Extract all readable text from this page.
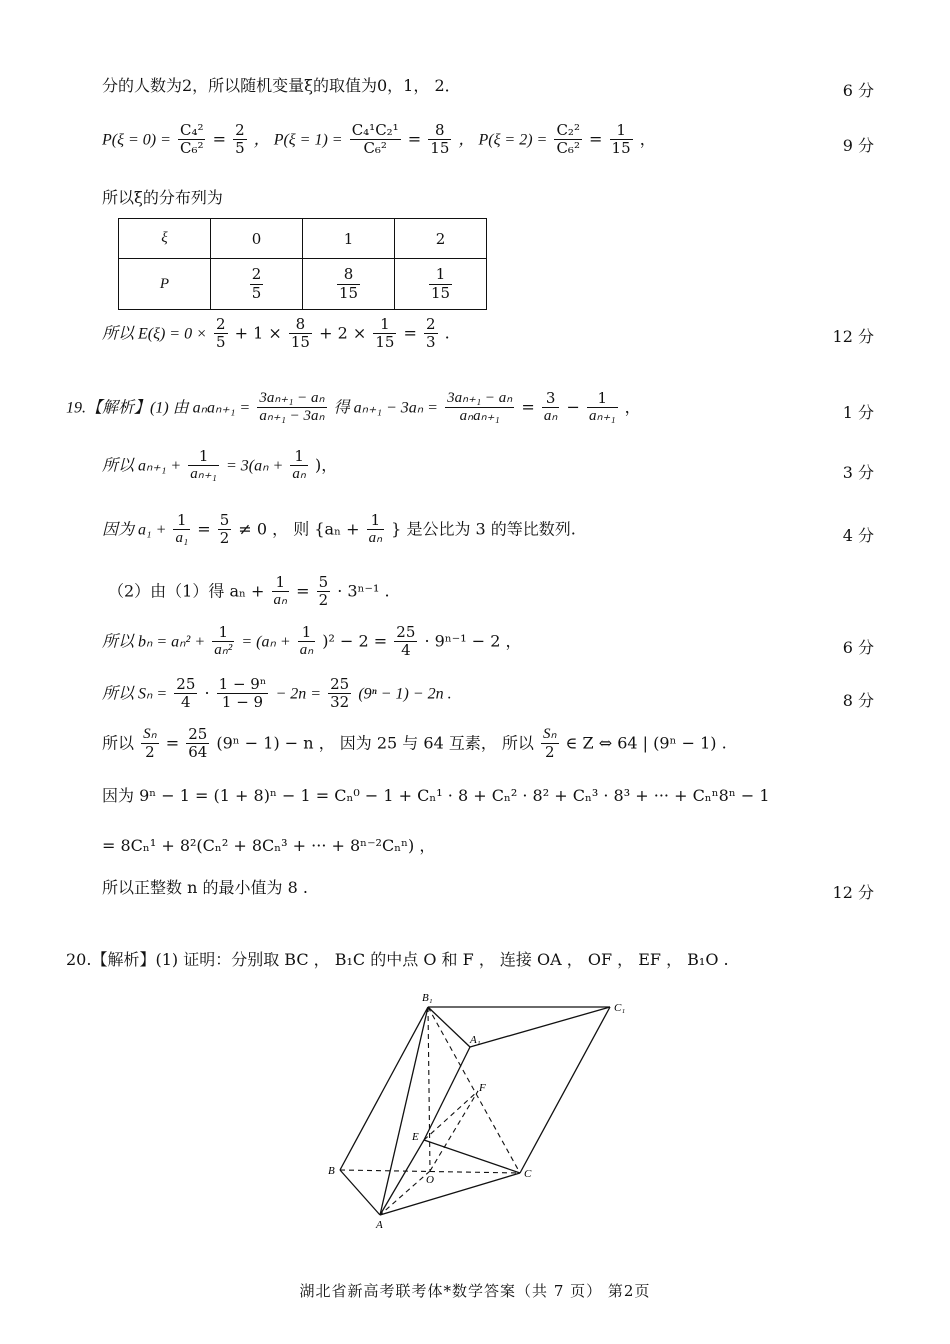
分的人数为2，所以随机变量ξ的取值为0，1， 2．	6 分
$P(\xi = 0) = \frac{\text{C₄²}}{\text{C₆²}} = \frac{2}{5}$ ， $P(\xi = 1) = \frac{\text{C₄¹C₂¹}}{\text{C₆²}} = \frac{8}{15}$ ， $P(\xi = 2) = \frac{\text{C₂²}}{\text{C₆²}} = \frac{1}{15}$ ，	9 分
所以ξ的分布列为
ξ	0	1	2
P	$\frac{2}{5}$	$\frac{8}{15}$	$\frac{1}{15}$
所以 $E(\xi) = 0 \times \frac{2}{5} + 1 \times \frac{8}{15} + 2 \times \frac{1}{15} = \frac{2}{3}$ .	12 分
19.【解析】(1) 由 $a_na_{n+1} = \frac{\text{3aₙ₊₁ − aₙ}}{\text{aₙ₊₁ − 3aₙ}}$ 得 $a_{n+1} - 3a_n = \frac{\text{3aₙ₊₁ − aₙ}}{\text{aₙaₙ₊₁}} = \frac{3}{\text{aₙ}} - \frac{1}{\text{aₙ₊₁}}$ ，	1 分
所以 $a_{n+1} + \frac{1}{\text{aₙ₊₁}} = 3(a_n + \frac{1}{\text{aₙ}}$ )，	3 分
因为 $a_1 + \frac{1}{\text{a₁}} = \frac{5}{2} \ne 0$ ， 则 {$a_n + \frac{1}{\text{aₙ}}$ } 是公比为 3 的等比数列.	4 分
（2）由（1）得 $a_n + \frac{1}{\text{aₙ}} = \frac{5}{2} \cdot 3^{n-1}$ .
所以 $b_n = a_n^2 + \frac{1}{\text{aₙ²}} = (a_n + \frac{1}{\text{aₙ}} )^2 - 2 = \frac{25}{4} \cdot 9^{n-1} - 2$ ，	6 分
所以 $S_n = \frac{25}{4} \cdot \frac{\text{1 − 9ⁿ}}{1 - 9} - 2n = \frac{25}{32} (9^n - 1) - 2n$ .	8 分
所以 $\frac{\text{Sₙ}}{2} = \frac{25}{64} (9^n - 1) - n$ ， 因为 25 与 64 互素， 所以 $\frac{\text{Sₙ}}{2}$ ∈ Z ⇔ 64 | (9ⁿ − 1) .
因为 9ⁿ − 1 = (1 + 8)ⁿ − 1 = Cₙ⁰ − 1 + Cₙ¹ · 8 + Cₙ² · 8² + Cₙ³ · 8³ + ··· + Cₙⁿ8ⁿ − 1
= 8Cₙ¹ + 8²(Cₙ² + 8Cₙ³ + ··· + 8ⁿ⁻²Cₙⁿ) ，
所以正整数 n 的最小值为 8 .	12 分
20.【解析】(1) 证明：分别取 BC ， B₁C 的中点 O 和 F ， 连接 OA ， OF ， EF ， B₁O .
B₁
C₁
A₁
F
E
B
O	C
A
湖北省新高考联考体*数学答案（共 7 页） 第2页
